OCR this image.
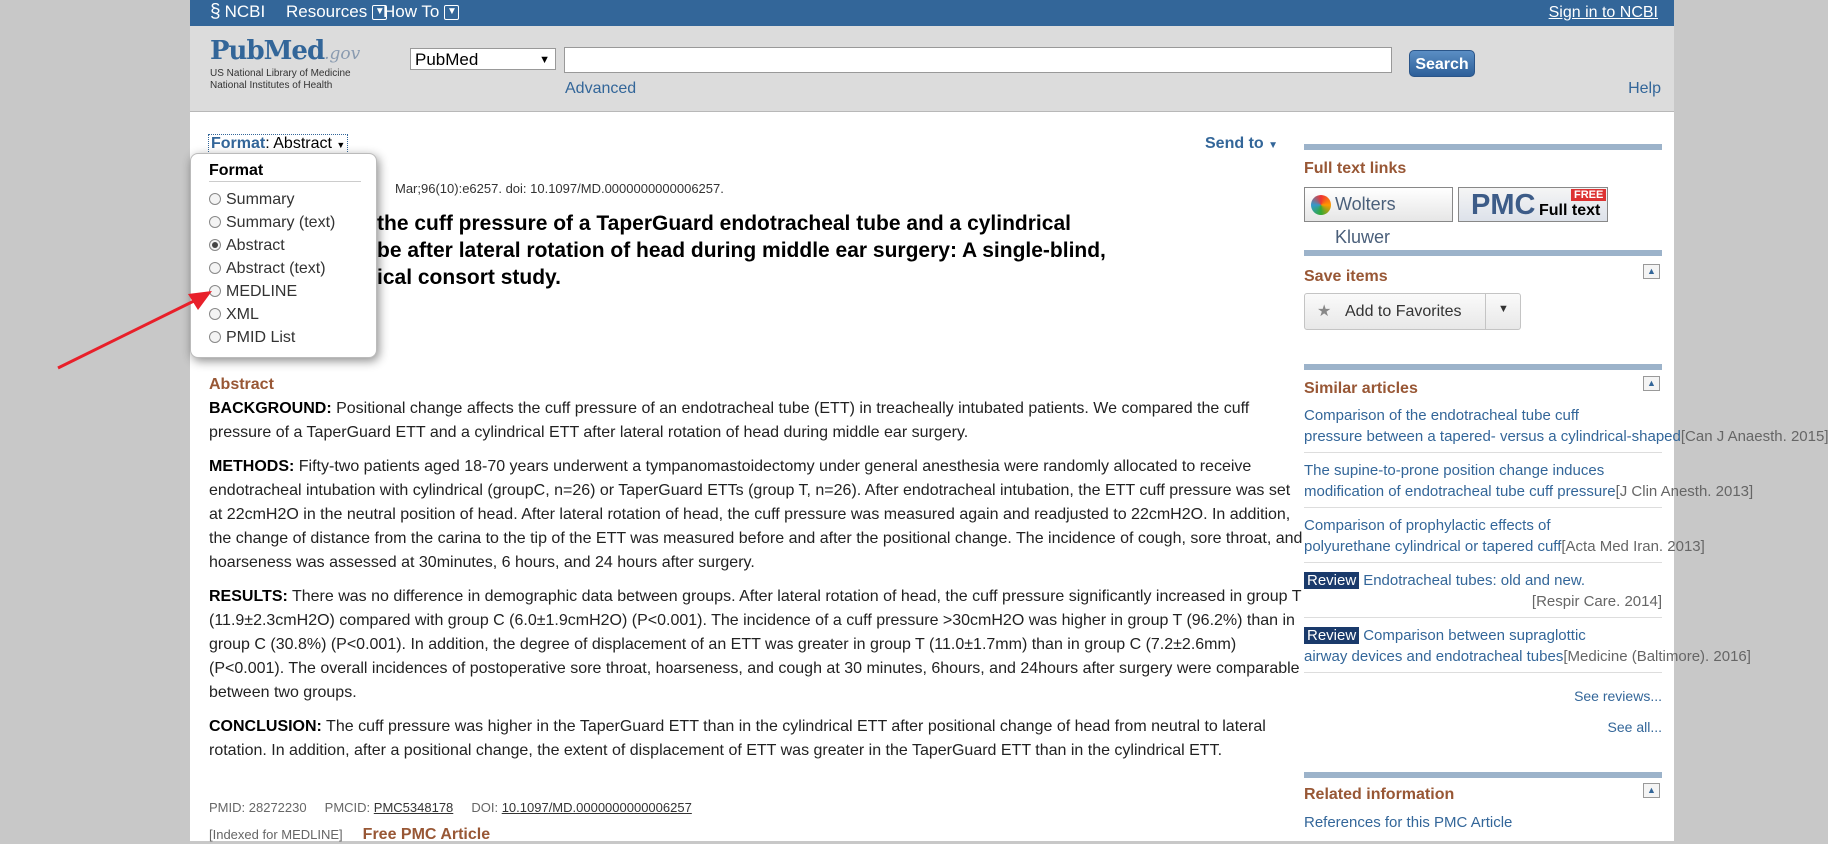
§ NCBI Resources ▼
How To ▼	Sign in to NCBI
PubMed.gov
US National Library of Medicine
National Institutes of Health
PubMed	▼	Search
Advanced	Help
Send to ▼
Mar;96(10):e6257. doi: 10.1097/MD.0000000000006257.
the cuff pressure of a TaperGuard endotracheal tube and a cylindrical
be after lateral rotation of head during middle ear surgery: A single-blind,
ical consort study.
Abstract

BACKGROUND: Positional change affects the cuff pressure of an endotracheal tube (ETT) in treacheally intubated patients. We compared the cuff pressure of a TaperGuard ETT and a cylindrical ETT after lateral rotation of head during middle ear surgery.

METHODS: Fifty-two patients aged 18-70 years underwent a tympanomastoidectomy under general anesthesia were randomly allocated to receive endotracheal intubation with cylindrical (groupC, n=26) or TaperGuard ETTs (group T, n=26). After endotracheal intubation, the ETT cuff pressure was set at 22cmH2O in the neutral position of head. After lateral rotation of head, the cuff pressure was measured again and readjusted to 22cmH2O. In addition, the change of distance from the carina to the tip of the ETT was measured before and after the positional change. The incidence of cough, sore throat, and hoarseness was assessed at 30minutes, 6 hours, and 24 hours after surgery.

RESULTS: There was no difference in demographic data between groups. After lateral rotation of head, the cuff pressure significantly increased in group T (11.9±2.3cmH2O) compared with group C (6.0±1.9cmH2O) (P<0.001). The incidence of a cuff pressure >30cmH2O was higher in group T (96.2%) than in group C (30.8%) (P<0.001). In addition, the degree of displacement of an ETT was greater in group T (11.0±1.7mm) than in group C (7.2±2.6mm) (P<0.001). The overall incidences of postoperative sore throat, hoarseness, and cough at 30 minutes, 6hours, and 24hours after surgery were comparable between two groups.

CONCLUSION: The cuff pressure was higher in the TaperGuard ETT than in the cylindrical ETT after positional change of head from neutral to lateral rotation. In addition, after a positional change, the extent of displacement of ETT was greater in the TaperGuard ETT than in the cylindrical ETT.

PMID: 28272230 PMCID: PMC5348178 DOI: 10.1097/MD.0000000000006257
[Indexed for MEDLINE] Free PMC Article
Format: Abstract ▼
Format
Summary
Summary (text)
Abstract
Abstract (text)
MEDLINE
XML
PMID List
Full text links
Wolters Kluwer
PMC	FREE
Full text
Save items	▲
★ Add to Favorites	▼
Similar articles	▲
Comparison of the endotracheal tube cuff
pressure between a tapered- versus a cylindrical-shaped [Can J Anaesth. 2015]
The supine-to-prone position change induces
modification of endotracheal tube cuff pressure [J Clin Anesth. 2013]
Comparison of prophylactic effects of
polyurethane cylindrical or tapered cuff [Acta Med Iran. 2013]
Review Endotracheal tubes: old and new.
[Respir Care. 2014]
Review Comparison between supraglottic
airway devices and endotracheal tubes [Medicine (Baltimore). 2016]
See reviews...
See all...
Related information	▲
References for this PMC Article
